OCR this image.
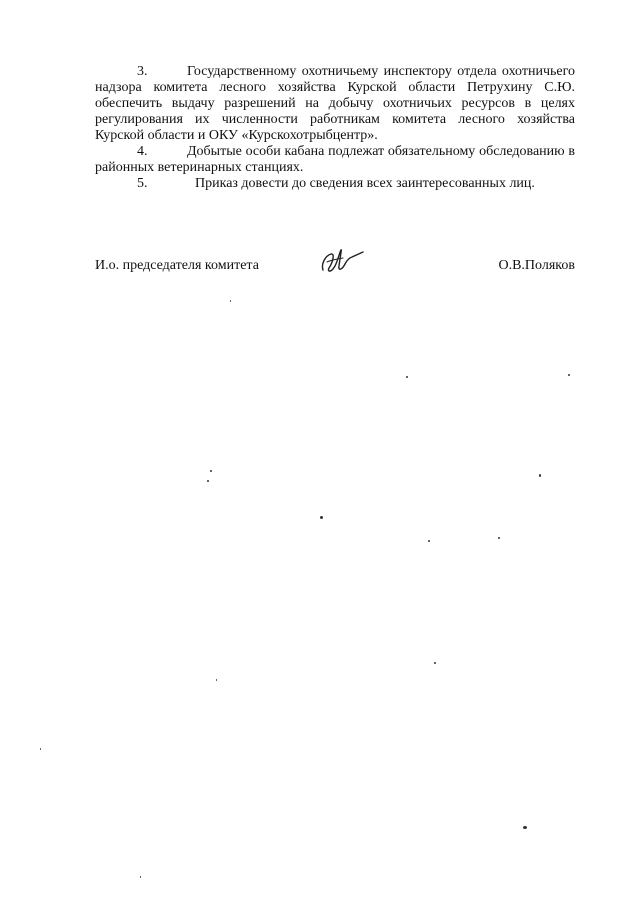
3.	Государственному охотничьему инспектору отдела охотничьего надзора комитета лесного хозяйства Курской области Петрухину С.Ю. обеспечить выдачу разрешений на добычу охотничьих ресурсов в целях регулирования их численности работникам комитета лесного хозяйства Курской области и ОКУ «Курскохотрыбцентр».

4.	Добытые особи кабана подлежат обязательному обследованию в районных ветеринарных станциях.

5.	Приказ довести до сведения всех заинтересованных лиц.

И.о. председателя комитета	О.В.Поляков
